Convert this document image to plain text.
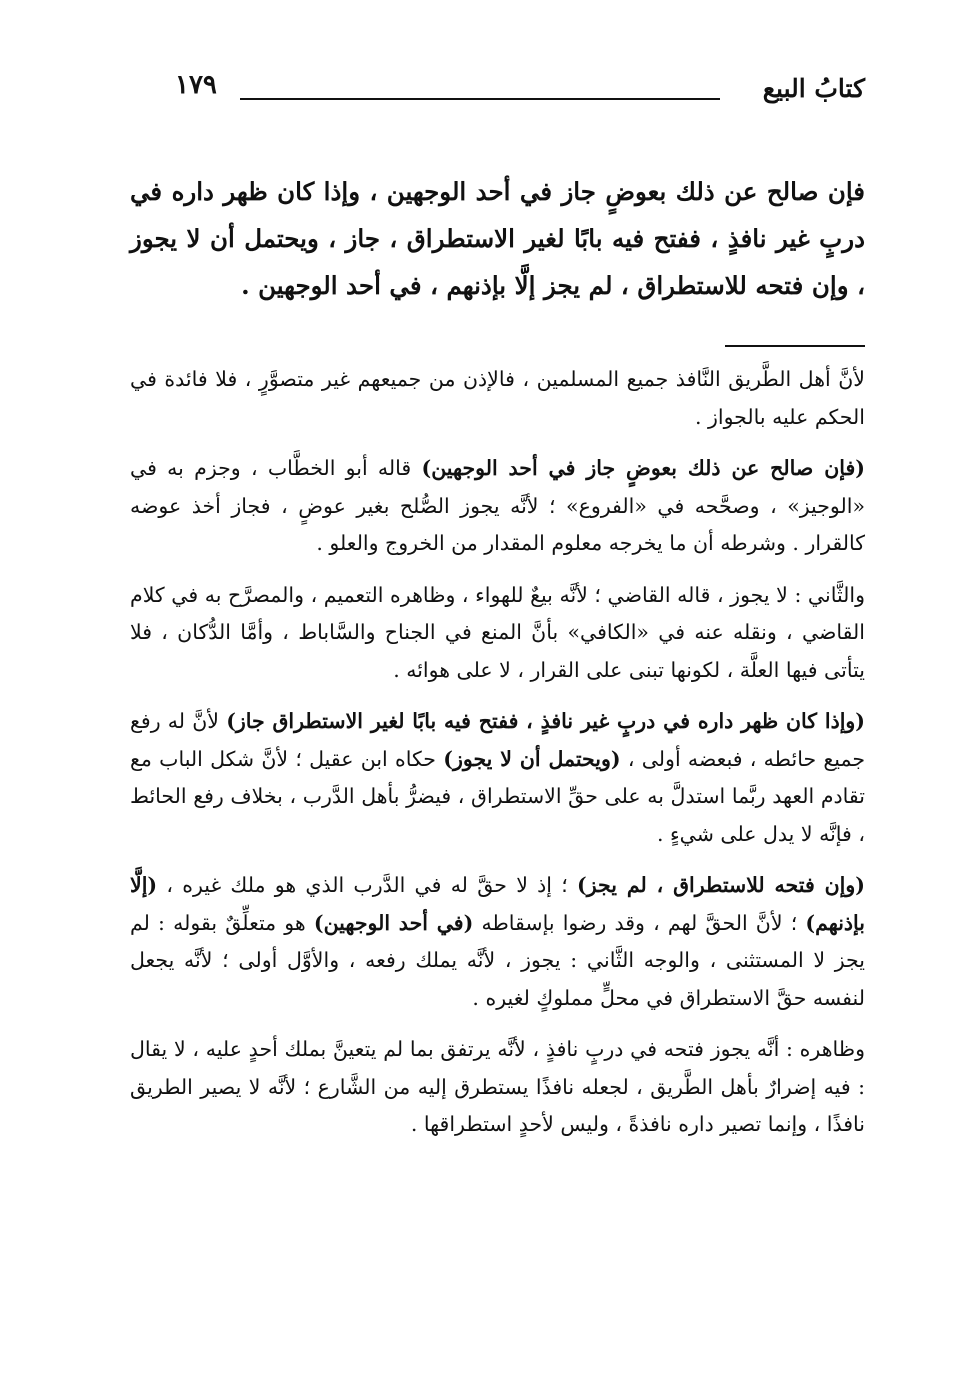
كتابُ البيع
١٧٩
فإن صالح عن ذلك بعوضٍ جاز في أحد الوجهين ، وإذا كان ظهر داره في دربٍ غير نافذٍ ، ففتح فيه بابًا لغير الاستطراق ، جاز ، ويحتمل أن لا يجوز ، وإن فتحه للاستطراق ، لم يجز إلَّا بإذنهم ، في أحد الوجهين .

لأنَّ أهل الطَّريق النَّافذ جميع المسلمين ، فالإذن من جميعهم غير متصوَّرٍ ، فلا فائدة في الحكم عليه بالجواز .

(فإن صالح عن ذلك بعوضٍ جاز في أحد الوجهين) قاله أبو الخطَّاب ، وجزم به في «الوجيز» ، وصحَّحه في «الفروع» ؛ لأنَّه يجوز الصُّلح بغير عوضٍ ، فجاز أخذ عوضه كالقرار . وشرطه أن ما يخرجه معلوم المقدار من الخروج والعلو .

والثَّاني : لا يجوز ، قاله القاضي ؛ لأنَّه بيعٌ للهواء ، وظاهره التعميم ، والمصرَّح به في كلام القاضي ، ونقله عنه في «الكافي» بأنَّ المنع في الجناح والسَّاباط ، وأمَّا الدُّكان ، فلا يتأتى فيها العلَّة ، لكونها تبنى على القرار ، لا على هوائه .

(وإذا كان ظهر داره في دربٍ غير نافذٍ ، ففتح فيه بابًا لغير الاستطراق جاز) لأنَّ له رفع جميع حائطه ، فبعضه أولى ، (ويحتمل أن لا يجوز) حكاه ابن عقيل ؛ لأنَّ شكل الباب مع تقادم العهد ربَّما استدلَّ به على حقِّ الاستطراق ، فيضرُّ بأهل الدَّرب ، بخلاف رفع الحائط ، فإنَّه لا يدل على شيءٍ .

(وإن فتحه للاستطراق ، لم يجز) ؛ إذ لا حقَّ له في الدَّرب الذي هو ملك غيره ، (إلَّا بإذنهم) ؛ لأنَّ الحقَّ لهم ، وقد رضوا بإسقاطه (في أحد الوجهين) هو متعلِّقٌ بقوله : لم يجز لا المستثنى ، والوجه الثَّاني : يجوز ، لأنَّه يملك رفعه ، والأوَّل أولى ؛ لأنَّه يجعل لنفسه حقَّ الاستطراق في محلٍّ مملوكٍ لغيره .

وظاهره : أنَّه يجوز فتحه في دربٍ نافذٍ ، لأنَّه يرتفق بما لم يتعينَّ بملك أحدٍ عليه ، لا يقال : فيه إضرارٌ بأهل الطَّريق ، لجعله نافذًا يستطرق إليه من الشَّارع ؛ لأنَّه لا يصير الطريق نافذًا ، وإنما تصير داره نافذةً ، وليس لأحدٍ استطراقها .
